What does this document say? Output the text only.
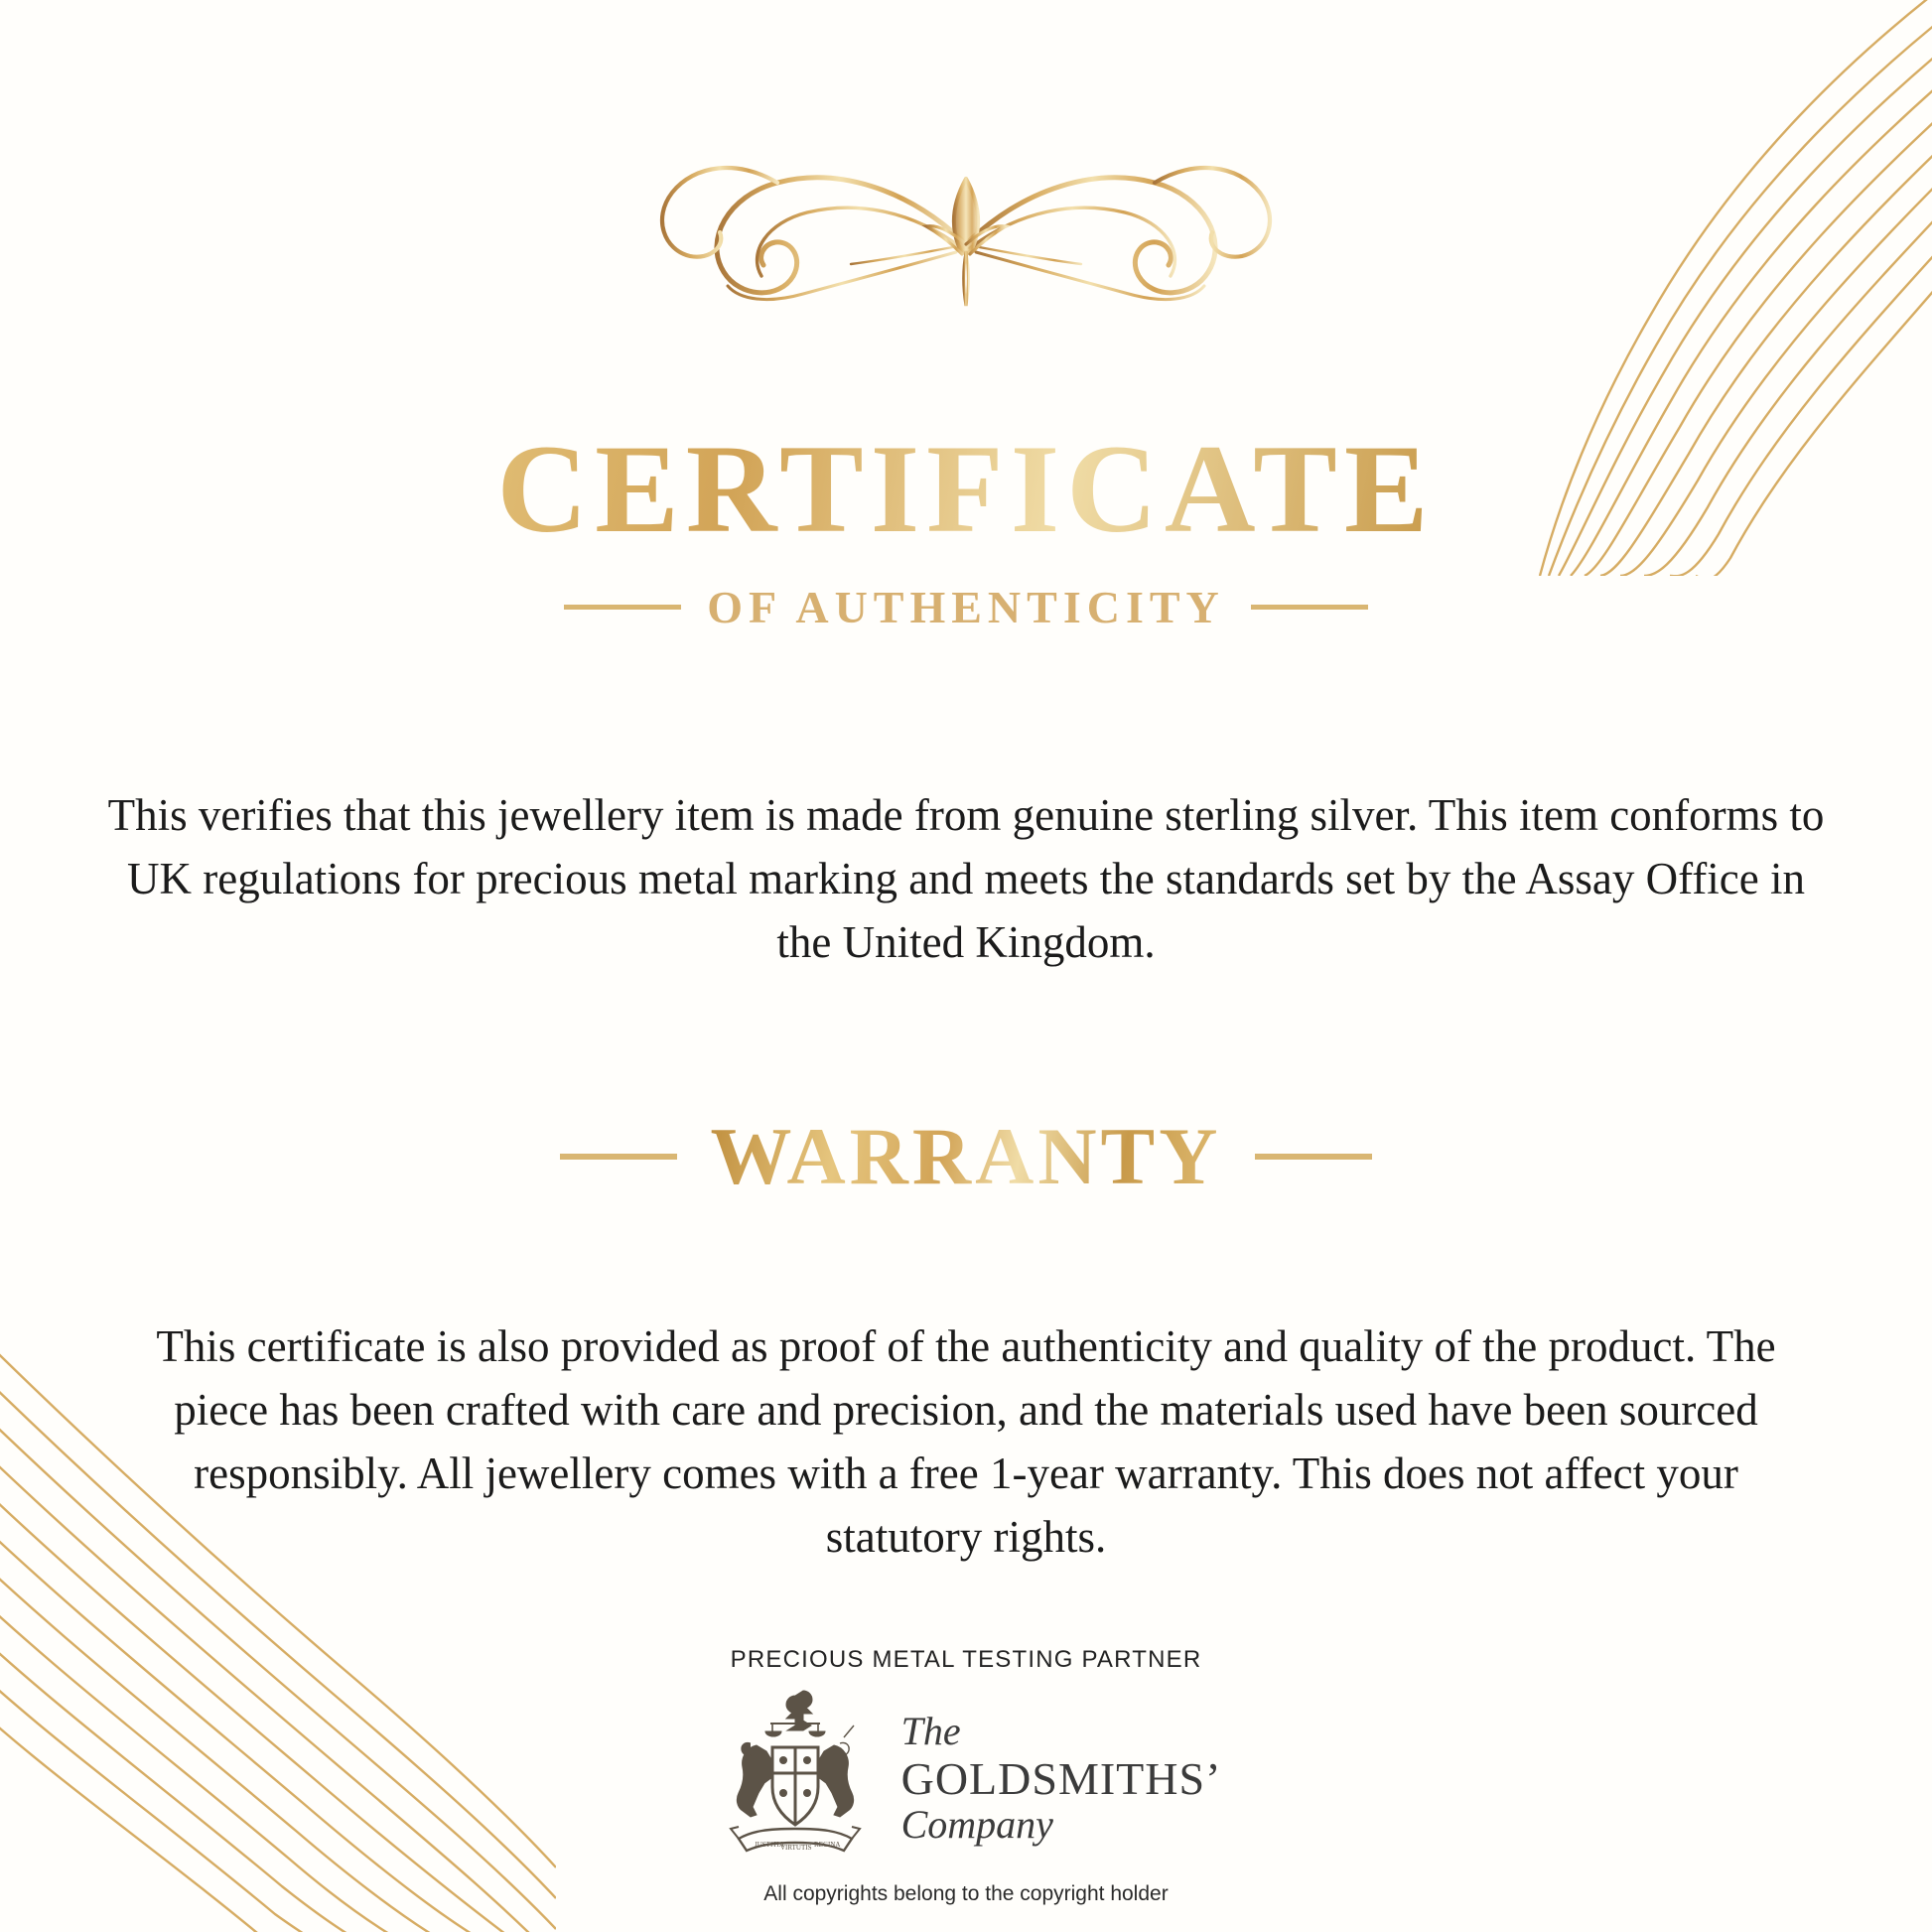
CERTIFICATE
OF AUTHENTICITY
This verifies that this jewellery item is made from genuine sterling silver. This item conforms to UK regulations for precious metal marking and meets the standards set by the Assay Office in the United Kingdom.
WARRANTY
This certificate is also provided as proof of the authenticity and quality of the product. The piece has been crafted with care and precision, and the materials used have been sourced responsibly. All jewellery comes with a free 1-year warranty. This does not affect your statutory rights.
PRECIOUS METAL TESTING PARTNER
JUSTITIA
VIRTUTIS REGINA
The
GOLDSMITHS’
Company
All copyrights belong to the copyright holder
